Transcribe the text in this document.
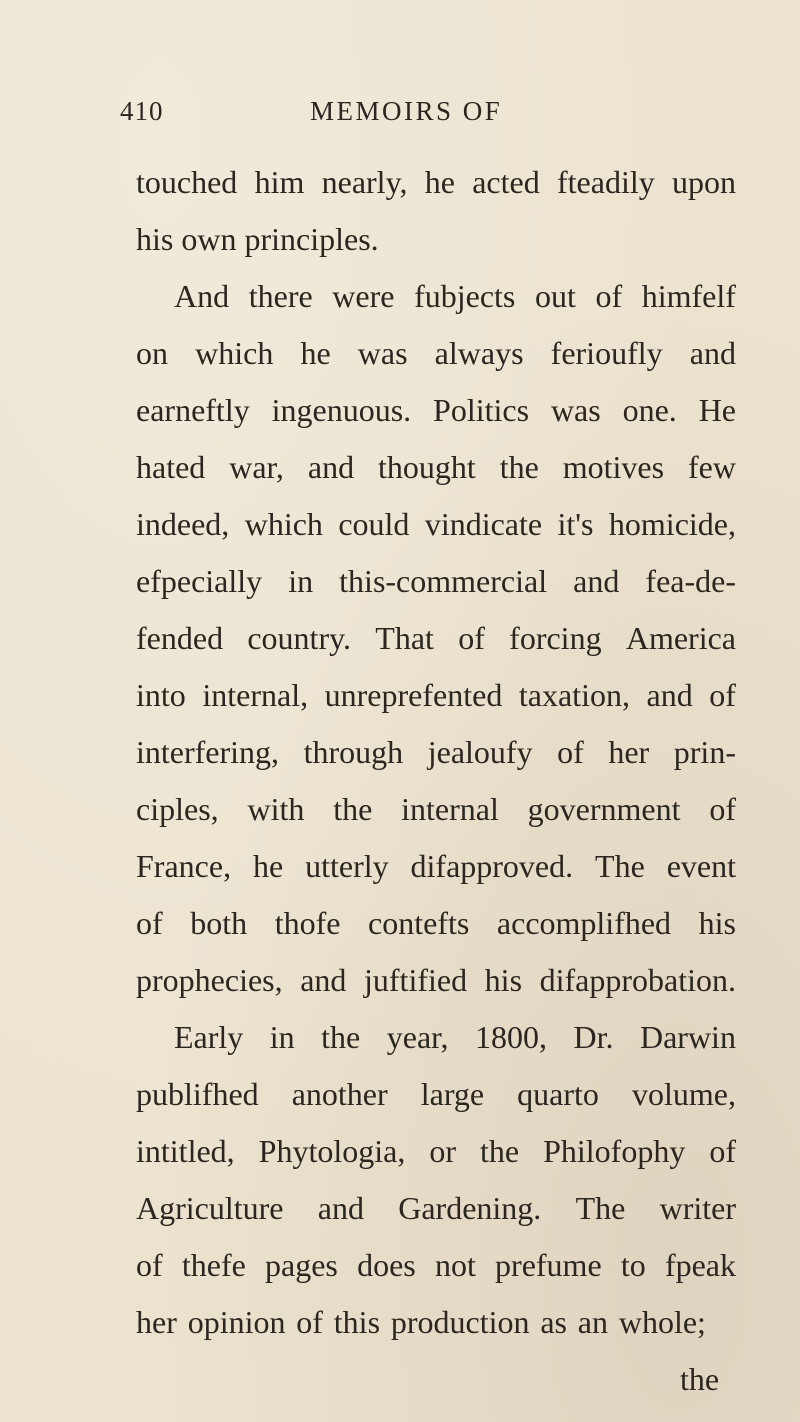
410	MEMOIRS OF
touched him nearly, he acted fteadily upon
his own principles.
And there were fubjects out of himfelf
on which he was always ferioufly and
earneftly ingenuous. Politics was one. He
hated war, and thought the motives few
indeed, which could vindicate it's homicide,
efpecially in this-commercial and fea-de-
fended country. That of forcing America
into internal, unreprefented taxation, and of
interfering, through jealoufy of her prin-
ciples, with the internal government of
France, he utterly difapproved. The event
of both thofe contefts accomplifhed his
prophecies, and juftified his difapprobation.
Early in the year, 1800, Dr. Darwin
publifhed another large quarto volume,
intitled, Phytologia, or the Philofophy of
Agriculture and Gardening. The writer
of thefe pages does not prefume to fpeak
her opinion of this production as an whole;
the
